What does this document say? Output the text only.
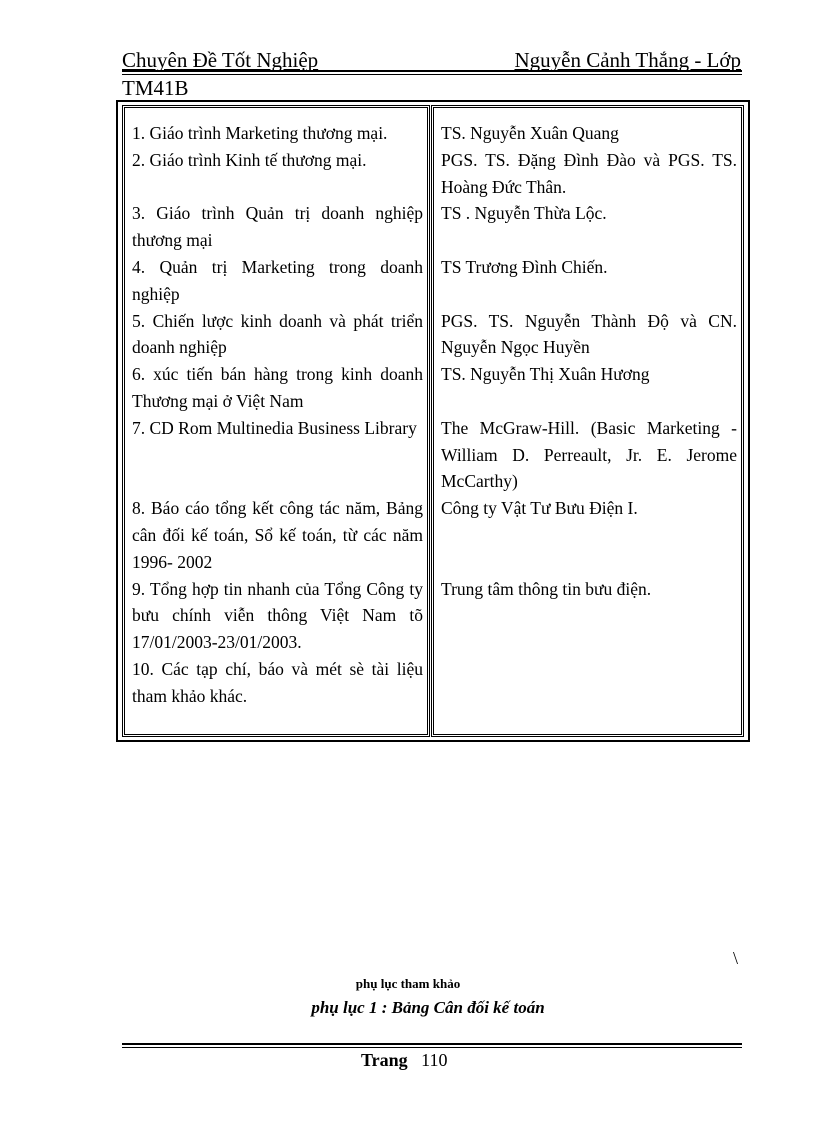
Chuyên Đề Tốt Nghiệp	Nguyễn Cảnh Thắng - Lớp
TM41B
1. Giáo trình Marketing thương mại.
2. Giáo trình Kinh tế thương mại.
3. Giáo trình Quản trị doanh nghiệp thương mại
4. Quản trị Marketing trong doanh nghiệp
5. Chiến lược kinh doanh và phát triển doanh nghiệp
6. xúc tiến bán hàng trong kinh doanh Thương mại ở Việt Nam
7. CD Rom Multinedia Business Library
8. Báo cáo tổng kết công tác năm, Bảng cân đối kế toán, Sổ kế toán, từ các năm 1996- 2002
9. Tổng hợp tin nhanh của Tổng Công ty bưu chính viễn thông Việt Nam tõ 17/01/2003-23/01/2003.
10. Các tạp chí, báo và mét sè tài liệu tham khảo khác.
TS. Nguyễn Xuân Quang
PGS. TS. Đặng Đình Đào và PGS. TS. Hoàng Đức Thân.
TS . Nguyễn Thừa Lộc.
TS Trương Đình Chiến.
PGS. TS. Nguyễn Thành Độ và CN. Nguyễn Ngọc Huyền
TS. Nguyễn Thị Xuân Hương
The McGraw-Hill. (Basic Marketing - William D. Perreault, Jr. E. Jerome McCarthy)
Công ty Vật Tư Bưu Điện I.
Trung tâm thông tin bưu điện.
\
phụ lục tham khảo
phụ lục 1 : Bảng Cân đối kế toán
Trang 110
